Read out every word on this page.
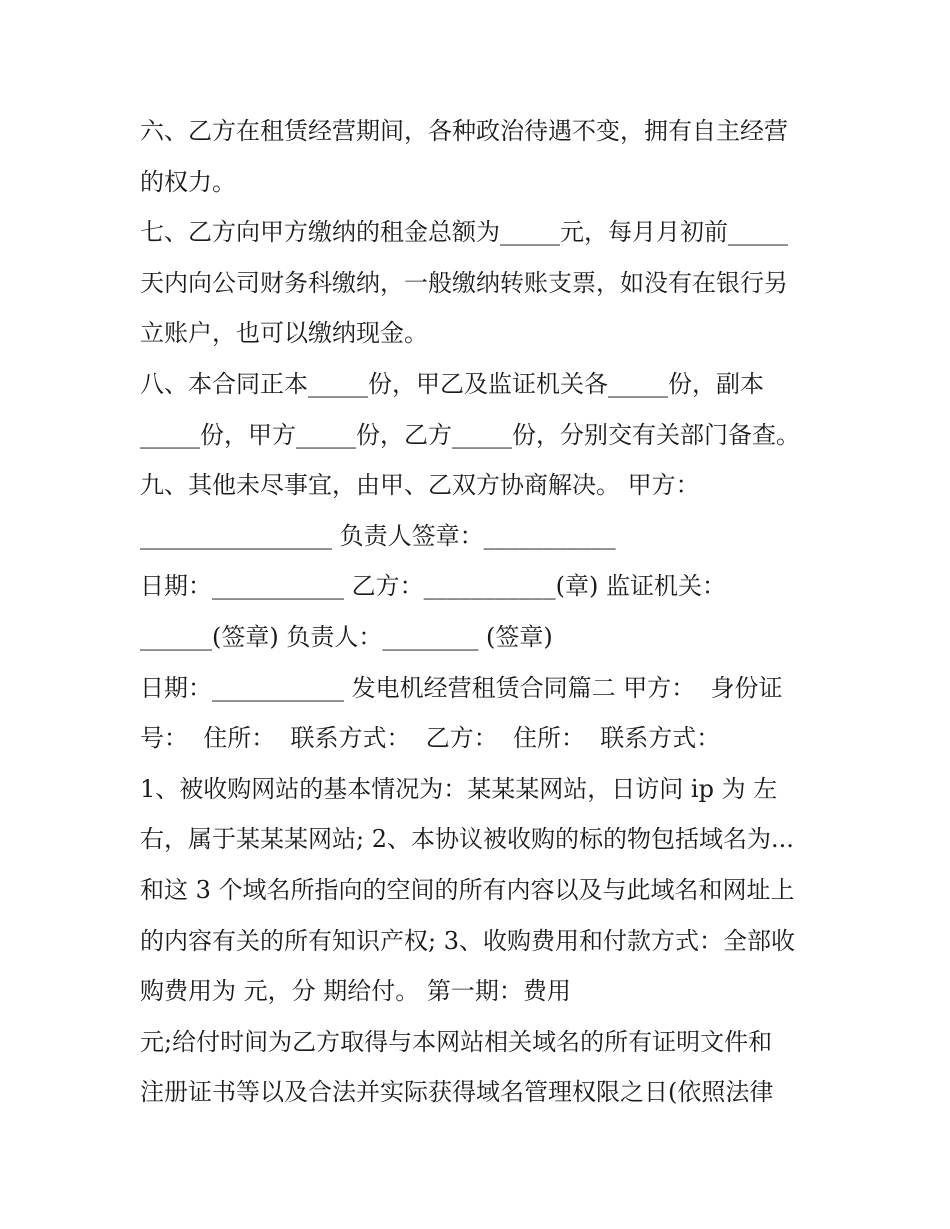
六、乙方在租赁经营期间，各种政治待遇不变，拥有自主经营
的权力。
七、乙方向甲方缴纳的租金总额为_____元，每月月初前_____
天内向公司财务科缴纳，一般缴纳转账支票，如没有在银行另
立账户，也可以缴纳现金。
八、本合同正本_____份，甲乙及监证机关各_____份，副本
_____份，甲方_____份，乙方_____份，分别交有关部门备查。
九、其他未尽事宜，由甲、乙双方协商解决。 甲方：
________________ 负责人签章：___________
日期：___________ 乙方：___________(章) 监证机关：
______(签章) 负责人：________ (签章)
日期：___________ 发电机经营租赁合同篇二 甲方：  身份证
号：  住所：  联系方式：  乙方：  住所：  联系方式：
1、被收购网站的基本情况为：某某某网站，日访问 ip 为 左
右，属于某某某网站; 2、本协议被收购的标的物包括域名为...
和这 3 个域名所指向的空间的所有内容以及与此域名和网址上
的内容有关的所有知识产权; 3、收购费用和付款方式：全部收
购费用为 元，分 期给付。 第一期：费用
元;给付时间为乙方取得与本网站相关域名的所有证明文件和
注册证书等以及合法并实际获得域名管理权限之日(依照法律
